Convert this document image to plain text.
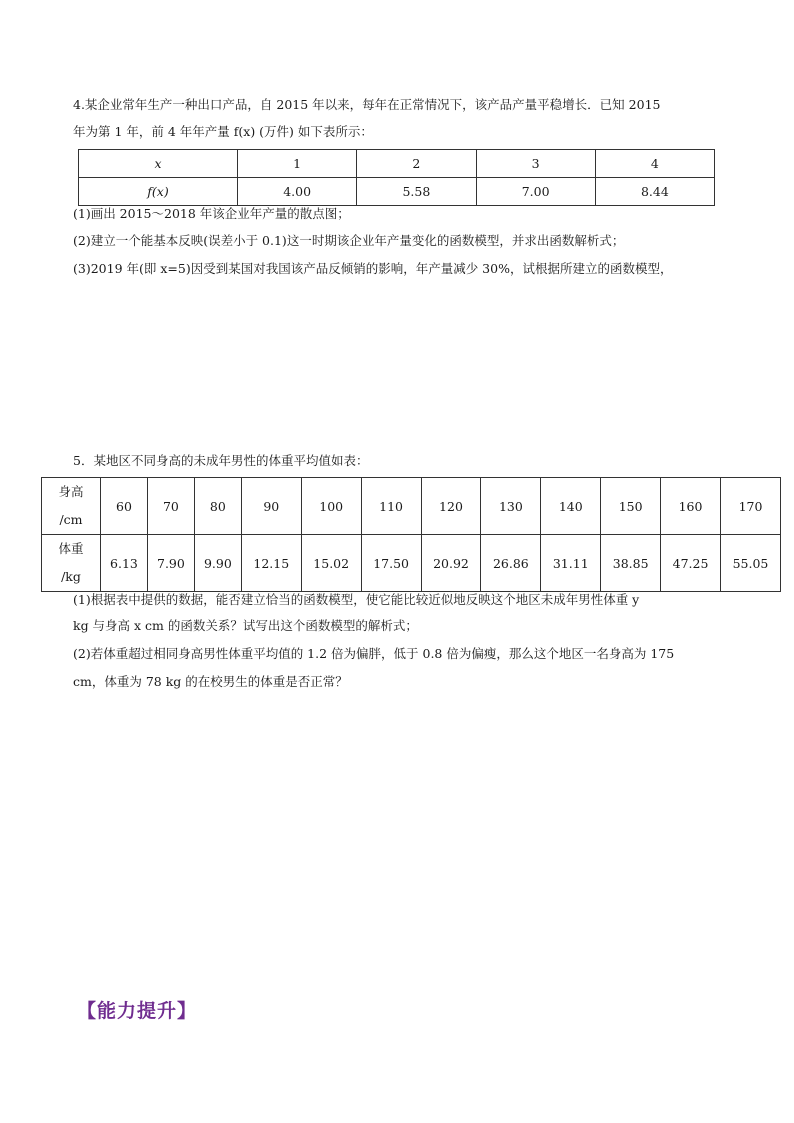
4.某企业常年生产一种出口产品，自 2015 年以来，每年在正常情况下，该产品产量平稳增长．已知 2015
年为第 1 年，前 4 年年产量 f(x) (万件) 如下表所示：
x	1	2	3	4
f(x)	4.00	5.58	7.00	8.44
(1)画出 2015～2018 年该企业年产量的散点图；
(2)建立一个能基本反映(误差小于 0.1)这一时期该企业年产量变化的函数模型，并求出函数解析式；
(3)2019 年(即 x=5)因受到某国对我国该产品反倾销的影响，年产量减少 30%，试根据所建立的函数模型，
5．某地区不同身高的未成年男性的体重平均值如表：
身高
/cm	60	70	80	90	100	110	120	130	140	150	160	170
体重
/kg	6.13	7.90	9.90	12.15	15.02	17.50	20.92	26.86	31.11	38.85	47.25	55.05
(1)根据表中提供的数据，能否建立恰当的函数模型，使它能比较近似地反映这个地区未成年男性体重 y
kg 与身高 x cm 的函数关系？试写出这个函数模型的解析式；
(2)若体重超过相同身高男性体重平均值的 1.2 倍为偏胖，低于 0.8 倍为偏瘦，那么这个地区一名身高为 175
cm，体重为 78 kg 的在校男生的体重是否正常？
【能力提升】
